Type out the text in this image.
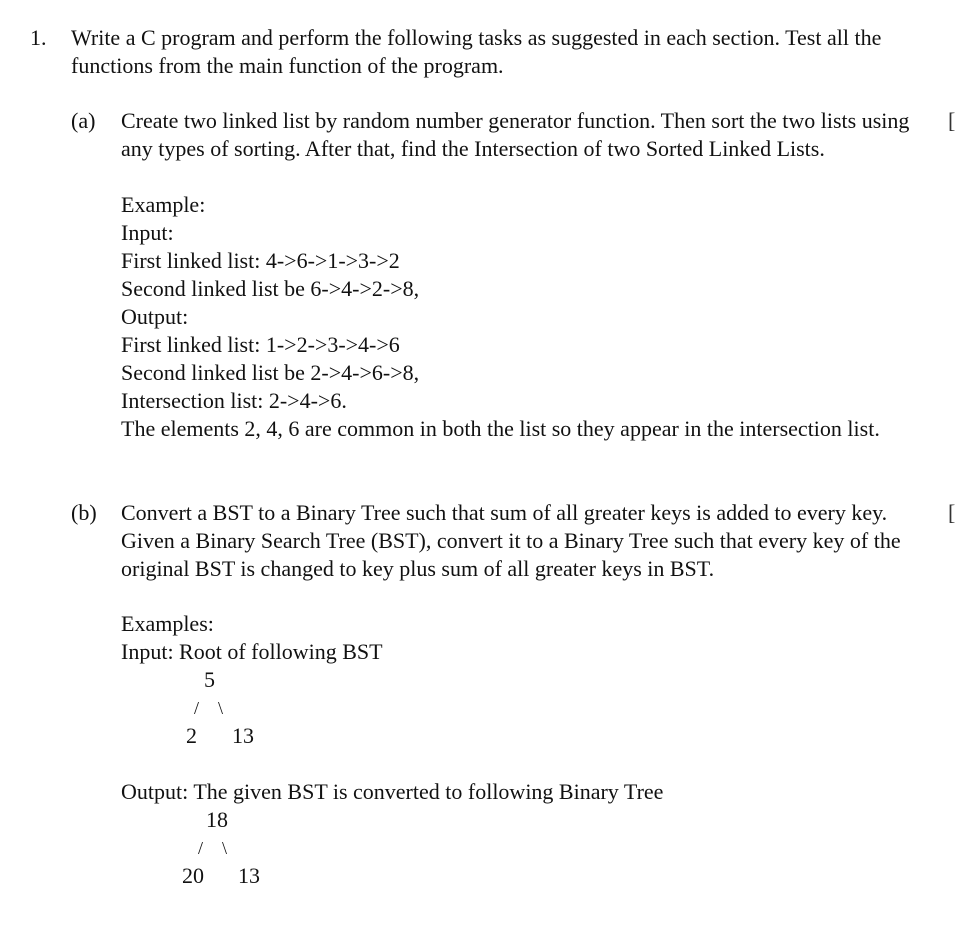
1. Write a C program and perform the following tasks as suggested in each section. Test all the functions from the main function of the program.
(a)	[
Create two linked list by random number generator function. Then sort the two lists using any types of sorting. After that, find the Intersection of two Sorted Linked Lists.
Example:
Input:
First linked list: 4->6->1->3->2
Second linked list be 6->4->2->8,
Output:
First linked list: 1->2->3->4->6
Second linked list be 2->4->6->8,
Intersection list: 2->4->6.
The elements 2, 4, 6 are common in both the list so they appear in the intersection list.
(b)	[
Convert a BST to a Binary Tree such that sum of all greater keys is added to every key. Given a Binary Search Tree (BST), convert it to a Binary Tree such that every key of the original BST is changed to key plus sum of all greater keys in BST.
Examples:
Input: Root of following BST
5
/ \
2 13
Output: The given BST is converted to following Binary Tree
18
/ \
20 13
